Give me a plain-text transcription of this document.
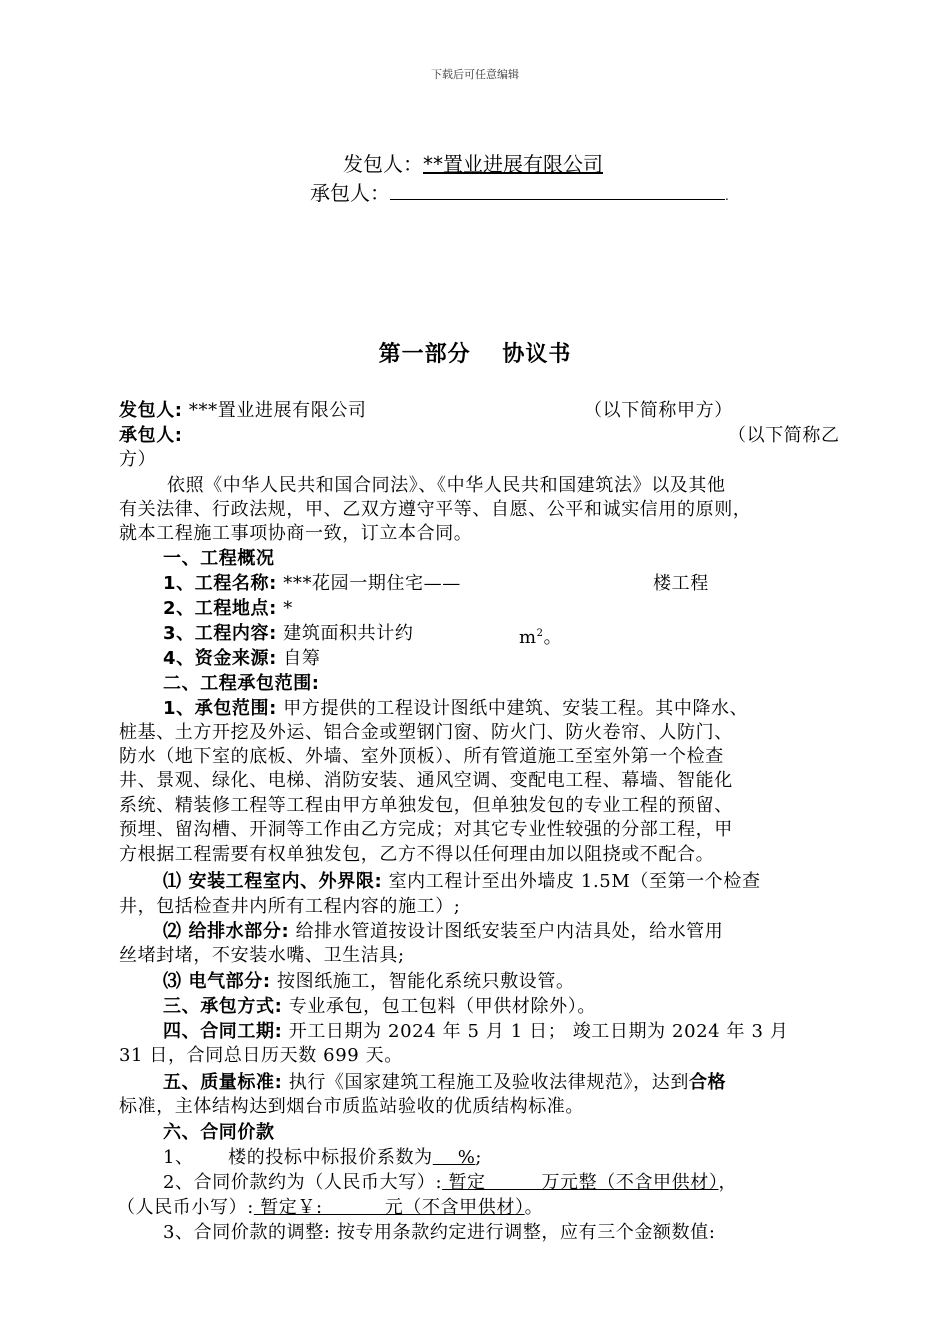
下载后可任意编辑
发包人：**置业进展有限公司
承包人：	.
第一部分　 协议书
发包人: ***置业进展有限公司	（以下简称甲方）
承包人:	（以下简称乙
方）
依照《中华人民共和国合同法》、《中华人民共和国建筑法》以及其他
有关法律、行政法规，甲、乙双方遵守平等、自愿、公平和诚实信用的原则，
就本工程施工事项协商一致，订立本合同。
一、工程概况
1、工程名称: ***花园一期住宅——	楼工程
2、工程地点: *
3、工程内容: 建筑面积共计约	$m^2$。
4、资金来源: 自筹
二、工程承包范围:
1、承包范围: 甲方提供的工程设计图纸中建筑、安装工程。其中降水、
桩基、土方开挖及外运、铝合金或塑钢门窗、防火门、防火卷帘、人防门、
防水（地下室的底板、外墙、室外顶板）、所有管道施工至室外第一个检查
井、景观、绿化、电梯、消防安装、通风空调、变配电工程、幕墙、智能化
系统、精装修工程等工程由甲方单独发包，但单独发包的专业工程的预留、
预埋、留沟槽、开洞等工作由乙方完成；对其它专业性较强的分部工程，甲
方根据工程需要有权单独发包，乙方不得以任何理由加以阻挠或不配合。
⑴ 安装工程室内、外界限: 室内工程计至出外墙皮 1.5M（至第一个检查
井，包括检查井内所有工程内容的施工）;
⑵ 给排水部分: 给排水管道按设计图纸安装至户内洁具处，给水管用
丝堵封堵，不安装水嘴、卫生洁具;
⑶ 电气部分: 按图纸施工，智能化系统只敷设管。
三、承包方式: 专业承包，包工包料（甲供材除外）。
四、合同工期: 开工日期为 2024 年 5 月 1 日； 竣工日期为 2024 年 3 月
31 日，合同总日历天数 699 天。
五、质量标准: 执行《国家建筑工程施工及验收法律规范》，达到合格
标准，主体结构达到烟台市质监站验收的优质结构标准。
六、合同价款
1、　　 楼的投标中标报价系数为　 %;
2、合同价款约为（人民币大写）: 暂定　　　万元整（不含甲供材），
（人民币小写）: 暂定￥:　　　 元（不含甲供材）。
3、合同价款的调整: 按专用条款约定进行调整，应有三个金额数值:
